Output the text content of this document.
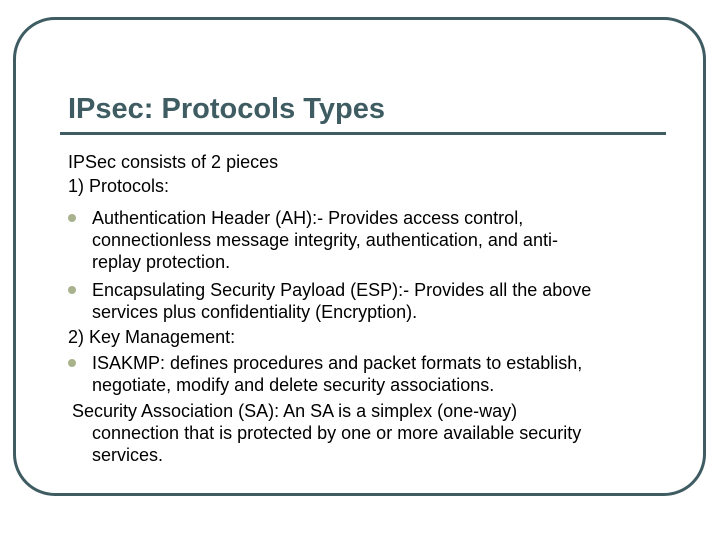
IPsec: Protocols Types
IPSec consists of 2 pieces
1) Protocols:
Authentication Header (AH):- Provides access control,
connectionless message integrity, authentication, and anti-
replay protection.
Encapsulating Security Payload (ESP):- Provides all the above
services plus confidentiality (Encryption).
2) Key Management:
ISAKMP: defines procedures and packet formats to establish,
negotiate, modify and delete security associations.
Security Association (SA): An SA is a simplex (one-way)
connection that is protected by one or more available security
services.
